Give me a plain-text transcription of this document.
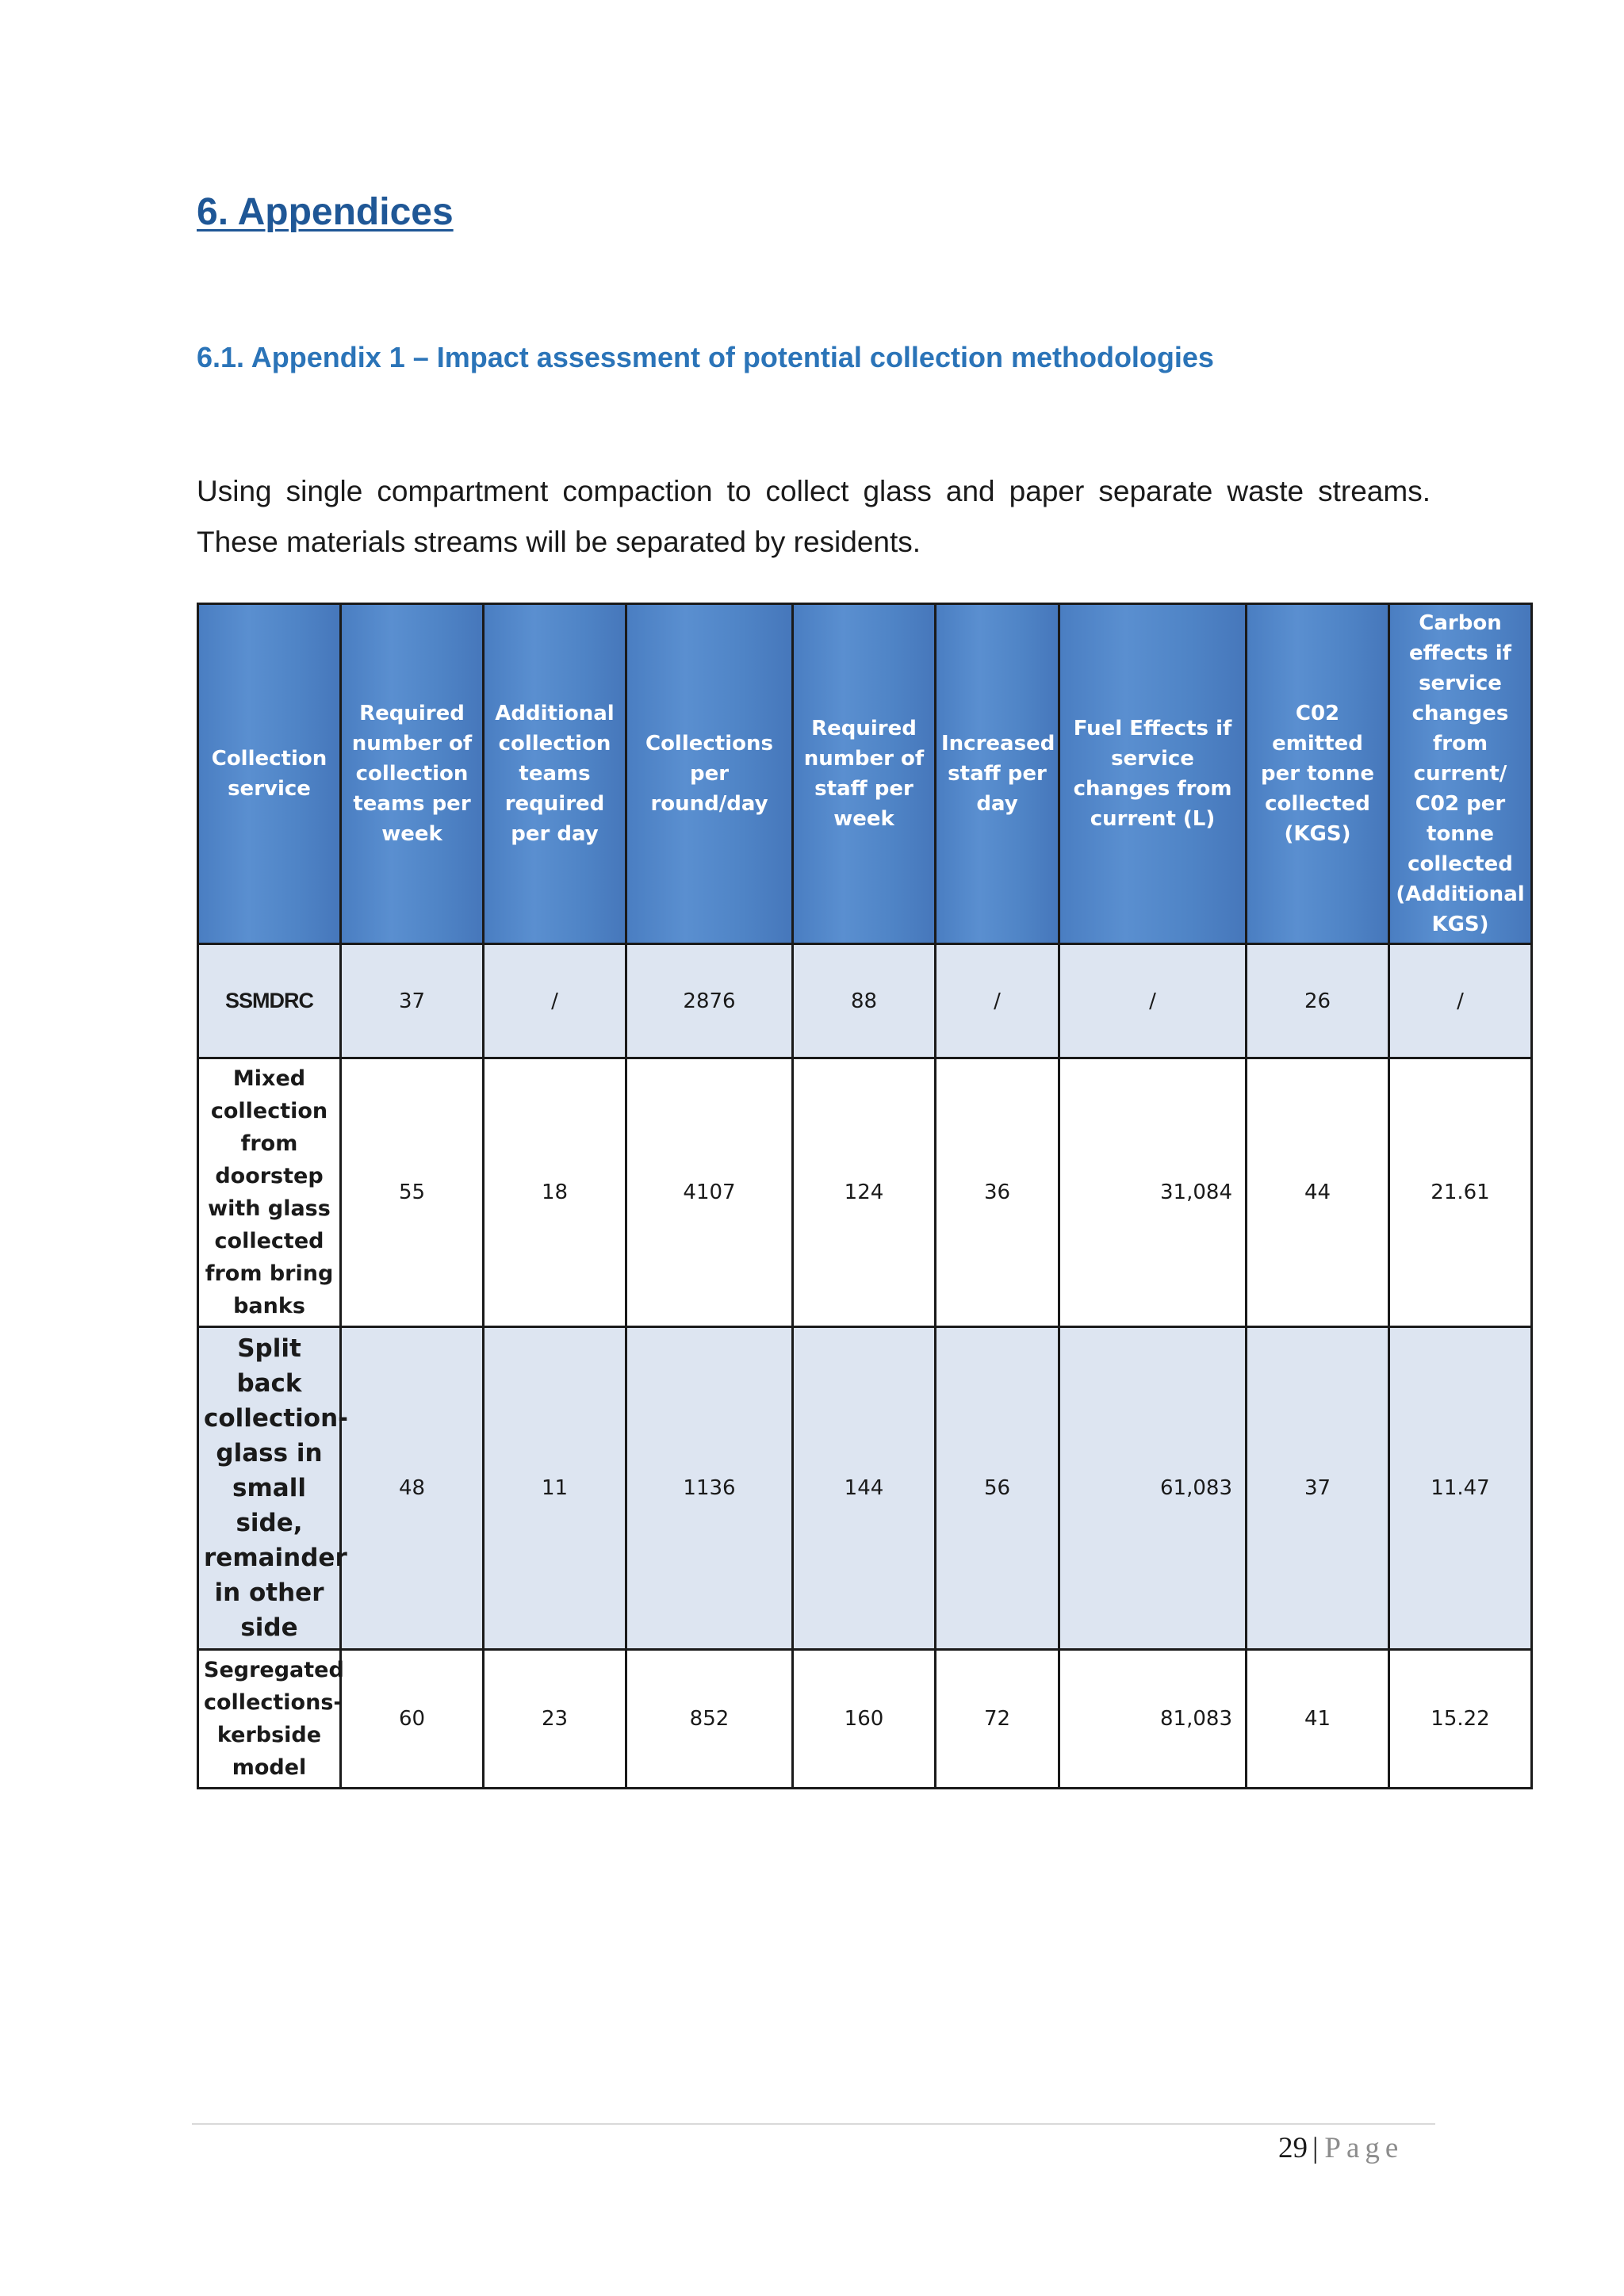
6. Appendices
6.1. Appendix 1 – Impact assessment of potential collection methodologies
Using single compartment compaction to collect glass and paper separate waste streams.
These materials streams will be separated by residents.
Collection service	Required number of collection teams per week	Additional collection teams required per day	Collections per round/day	Required number of staff per week	Increased staff per day	Fuel Effects if service changes from current (L)	C02 emitted per tonne collected (KGS)	Carbon effects if service changes from current/ C02 per tonne collected (Additional KGS)
SSMDRC	37	/	2876	88	/	/	26	/
Mixed collection from doorstep with glass collected from bring banks	55	18	4107	124	36	31,084	44	21.61
Split back collection- glass in small side, remainder in other side	48	11	1136	144	56	61,083	37	11.47
Segregated collections- kerbside model	60	23	852	160	72	81,083	41	15.22
29 | Page
